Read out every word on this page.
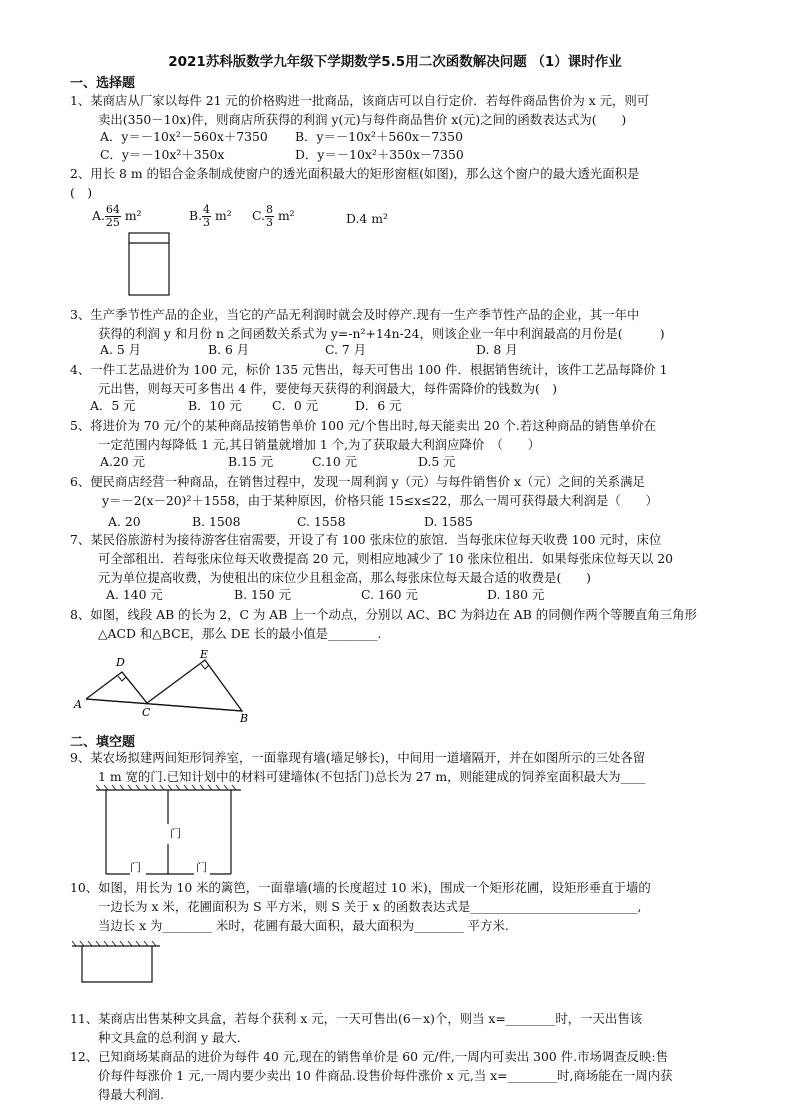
2021苏科版数学九年级下学期数学5.5用二次函数解决问题 （1）课时作业
一、选择题
1、某商店从厂家以每件 21 元的价格购进一批商品，该商店可以自行定价．若每件商品售价为 x 元，则可
卖出(350－10x)件，则商店所获得的利润 y(元)与每件商品售价 x(元)之间的函数表达式为(　　)
A．y＝－10x²－560x＋7350 B．y＝－10x²＋560x－7350
C．y＝－10x²＋350x	D．y＝－10x²＋350x－7350
2、用长 8 m 的铝合金条制成使窗户的透光面积最大的矩形窗框(如图)，那么这个窗户的最大透光面积是
(　)
A. $\frac{64}{25} m^2$	B. $\frac{4}{3} m^2$ C. $\frac{8}{3} m^2$	D.4 m²
3、生产季节性产品的企业，当它的产品无利润时就会及时停产.现有一生产季节性产品的企业，其一年中
获得的利润 y 和月份 n 之间函数关系式为 y=-n²+14n-24，则该企业一年中利润最高的月份是(　　　)
A. 5 月	B. 6 月	C. 7 月	D. 8 月
4、一件工艺品进价为 100 元，标价 135 元售出，每天可售出 100 件．根据销售统计，该件工艺品每降价 1
元出售，则每天可多售出 4 件，要使每天获得的利润最大，每件需降价的钱数为(　)
A．5 元	B．10 元 C．0 元	D．6 元
5、将进价为 70 元/个的某种商品按销售单价 100 元/个售出时,每天能卖出 20 个.若这种商品的销售单价在
一定范围内每降低 1 元,其日销量就增加 1 个,为了获取最大利润应降价　（　　）
A.20 元	B.15 元	C.10 元	D.5 元
6、便民商店经营一种商品，在销售过程中，发现一周利润 y（元）与每件销售价 x（元）之间的关系满足
y＝－2(x－20)²＋1558，由于某种原因，价格只能 15≤x≤22，那么一周可获得最大利润是（　　）
A. 20	B. 1508	C. 1558	D. 1585
7、某民俗旅游村为接待游客住宿需要，开设了有 100 张床位的旅馆．当每张床位每天收费 100 元时，床位
可全部租出．若每张床位每天收费提高 20 元，则相应地减少了 10 张床位租出．如果每张床位每天以 20
元为单位提高收费，为使租出的床位少且租金高，那么每张床位每天最合适的收费是(　　)
A. 140 元	B. 150 元	C. 160 元	D. 180 元
8、如图，线段 AB 的长为 2，C 为 AB 上一个动点，分别以 AC、BC 为斜边在 AB 的同侧作两个等腰直角三角形
△ACD 和△BCE，那么 DE 长的最小值是________.
D
E
A
C	B
二、填空题
9、某农场拟建两间矩形饲养室，一面靠现有墙(墙足够长)，中间用一道墙隔开，并在如图所示的三处各留
1 m 宽的门.已知计划中的材料可建墙体(不包括门)总长为 27 m，则能建成的饲养室面积最大为____
门
门	门
10、如图，用长为 10 米的篱笆，一面靠墙(墙的长度超过 10 米)，围成一个矩形花圃，设矩形垂直于墙的
一边长为 x 米，花圃面积为 S 平方米，则 S 关于 x 的函数表达式是___________________________,
当边长 x 为________ 米时，花圃有最大面积，最大面积为________ 平方米.
11、某商店出售某种文具盒，若每个获利 x 元，一天可售出(6－x)个，则当 x=________时，一天出售该
种文具盒的总利润 y 最大．
12、已知商场某商品的进价为每件 40 元,现在的销售单价是 60 元/件,一周内可卖出 300 件.市场调查反映:售
价每件每涨价 1 元,一周内要少卖出 10 件商品.设售价每件涨价 x 元,当 x=________时,商场能在一周内获
得最大利润.
